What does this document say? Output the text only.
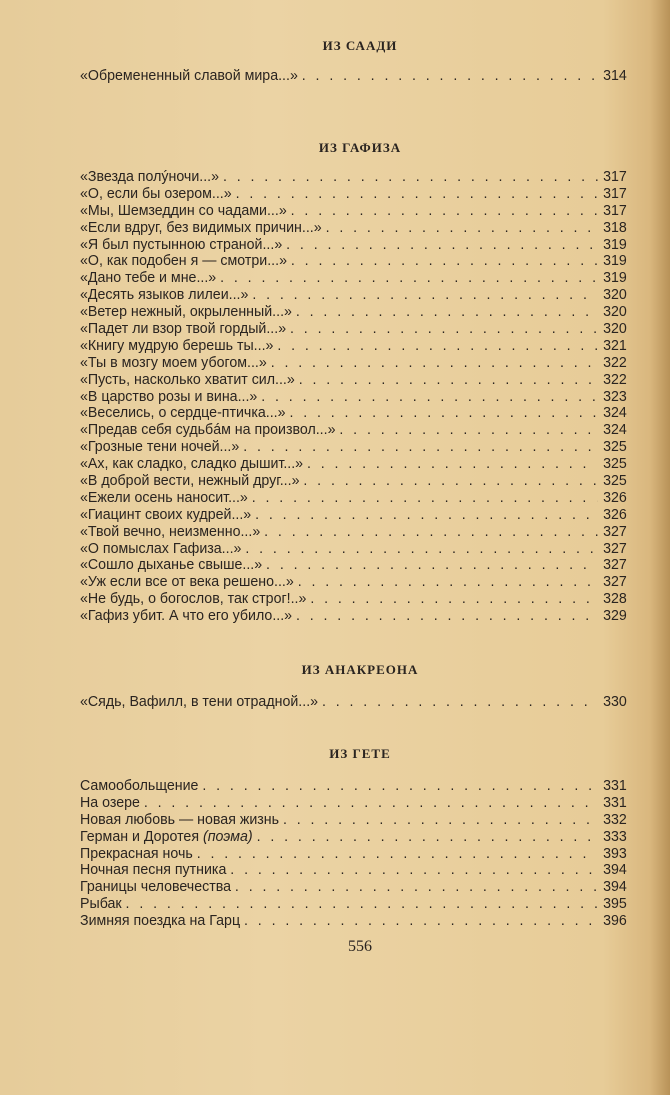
ИЗ СААДИ
«Обремененный славой мира...» . . .	314
ИЗ ГАФИЗА
«Звезда полýночи...» . . .	317
«О, если бы озером...» . . .	317
«Мы, Шемзеддин со чадами...» . . .	317
«Если вдруг, без видимых причин...» . . .	318
«Я был пустынною страной...» . . .	319
«О, как подобен я — смотри...» . . .	319
«Дано тебе и мне...» . . .	319
«Десять языков лилеи...» . . .	320
«Ветер нежный, окрыленный...» . . .	320
«Падет ли взор твой гордый...» . . .	320
«Книгу мудрую берешь ты...» . . .	321
«Ты в мозгу моем убогом...» . . .	322
«Пусть, насколько хватит сил...» . . .	322
«В царство розы и вина...» . . .	323
«Веселись, о сердце-птичка...» . . .	324
«Предав себя судьбáм на произвол...» . . .	324
«Грозные тени ночей...» . . .	325
«Ах, как сладко, сладко дышит...» . . .	325
«В доброй вести, нежный друг...» . . .	325
«Ежели осень наносит...» . . .	326
«Гиацинт своих кудрей...» . . .	326
«Твой вечно, неизменно...» . . .	327
«О помыслах Гафиза...» . . .	327
«Сошло дыханье свыше...» . . .	327
«Уж если все от века решено...» . . .	327
«Не будь, о богослов, так строг!..» . . .	328
«Гафиз убит. А что его убило...» . . .	329
ИЗ АНАКРЕОНА
«Сядь, Вафилл, в тени отрадной...» . . .	330
ИЗ ГЕТЕ
Самообольщение . . .	331
На озере . . .	331
Новая любовь — новая жизнь . . .	332
Герман и Доротея (поэма) . . .	333
Прекрасная ночь . . .	393
Ночная песня путника . . .	394
Границы человечества . . .	394
Рыбак . . .	395
Зимняя поездка на Гарц . . .	396
556
